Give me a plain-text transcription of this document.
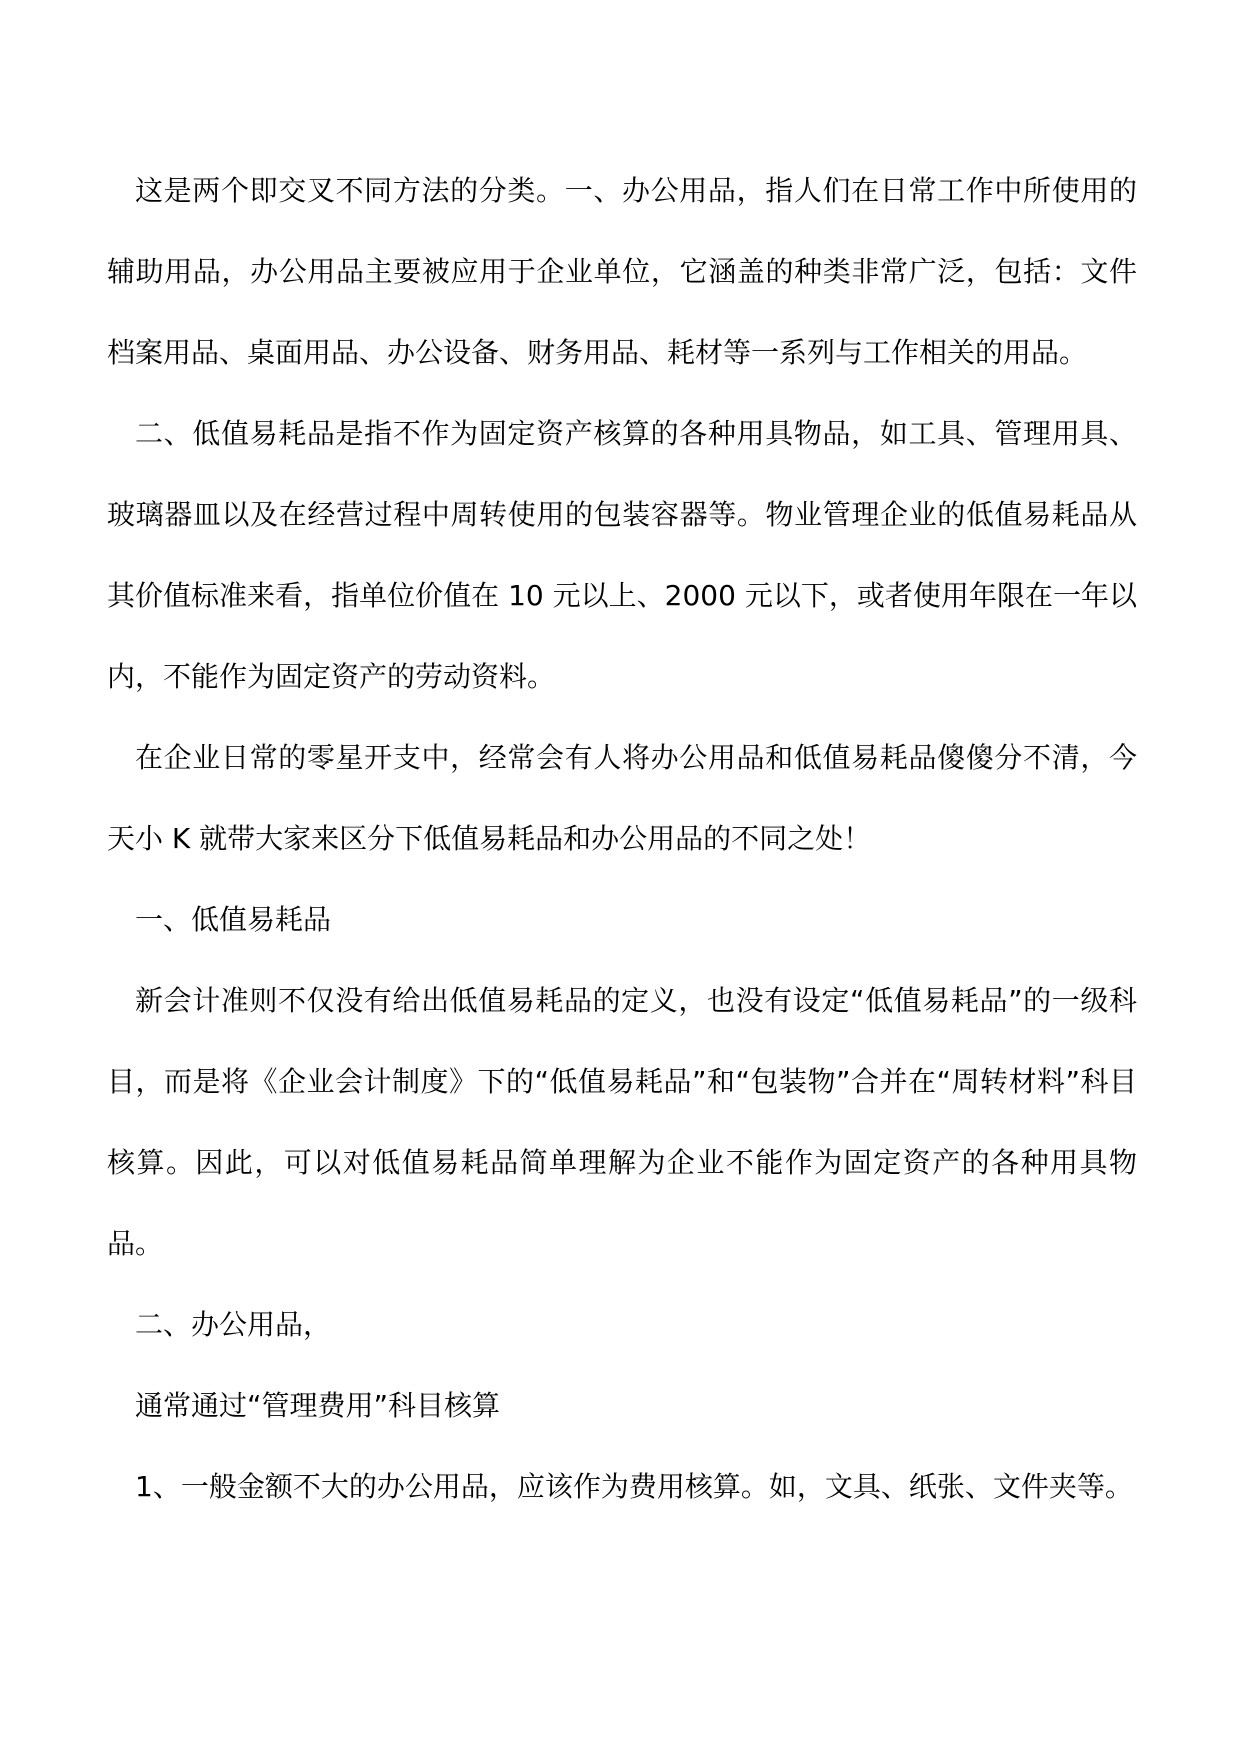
这是两个即交叉不同方法的分类。一、办公用品，指人们在日常工作中所使用的辅助用品，办公用品主要被应用于企业单位，它涵盖的种类非常广泛，包括：文件档案用品、桌面用品、办公设备、财务用品、耗材等一系列与工作相关的用品。

二、低值易耗品是指不作为固定资产核算的各种用具物品，如工具、管理用具、玻璃器皿以及在经营过程中周转使用的包装容器等。物业管理企业的低值易耗品从其价值标准来看，指单位价值在 10 元以上、2000 元以下，或者使用年限在一年以内，不能作为固定资产的劳动资料。

在企业日常的零星开支中，经常会有人将办公用品和低值易耗品傻傻分不清，今天小 K 就带大家来区分下低值易耗品和办公用品的不同之处！

一、低值易耗品

新会计准则不仅没有给出低值易耗品的定义，也没有设定“低值易耗品”的一级科目，而是将《企业会计制度》下的“低值易耗品”和“包装物”合并在“周转材料”科目核算。因此，可以对低值易耗品简单理解为企业不能作为固定资产的各种用具物品。

二、办公用品，

通常通过“管理费用”科目核算

1、一般金额不大的办公用品，应该作为费用核算。如，文具、纸张、文件夹等。
